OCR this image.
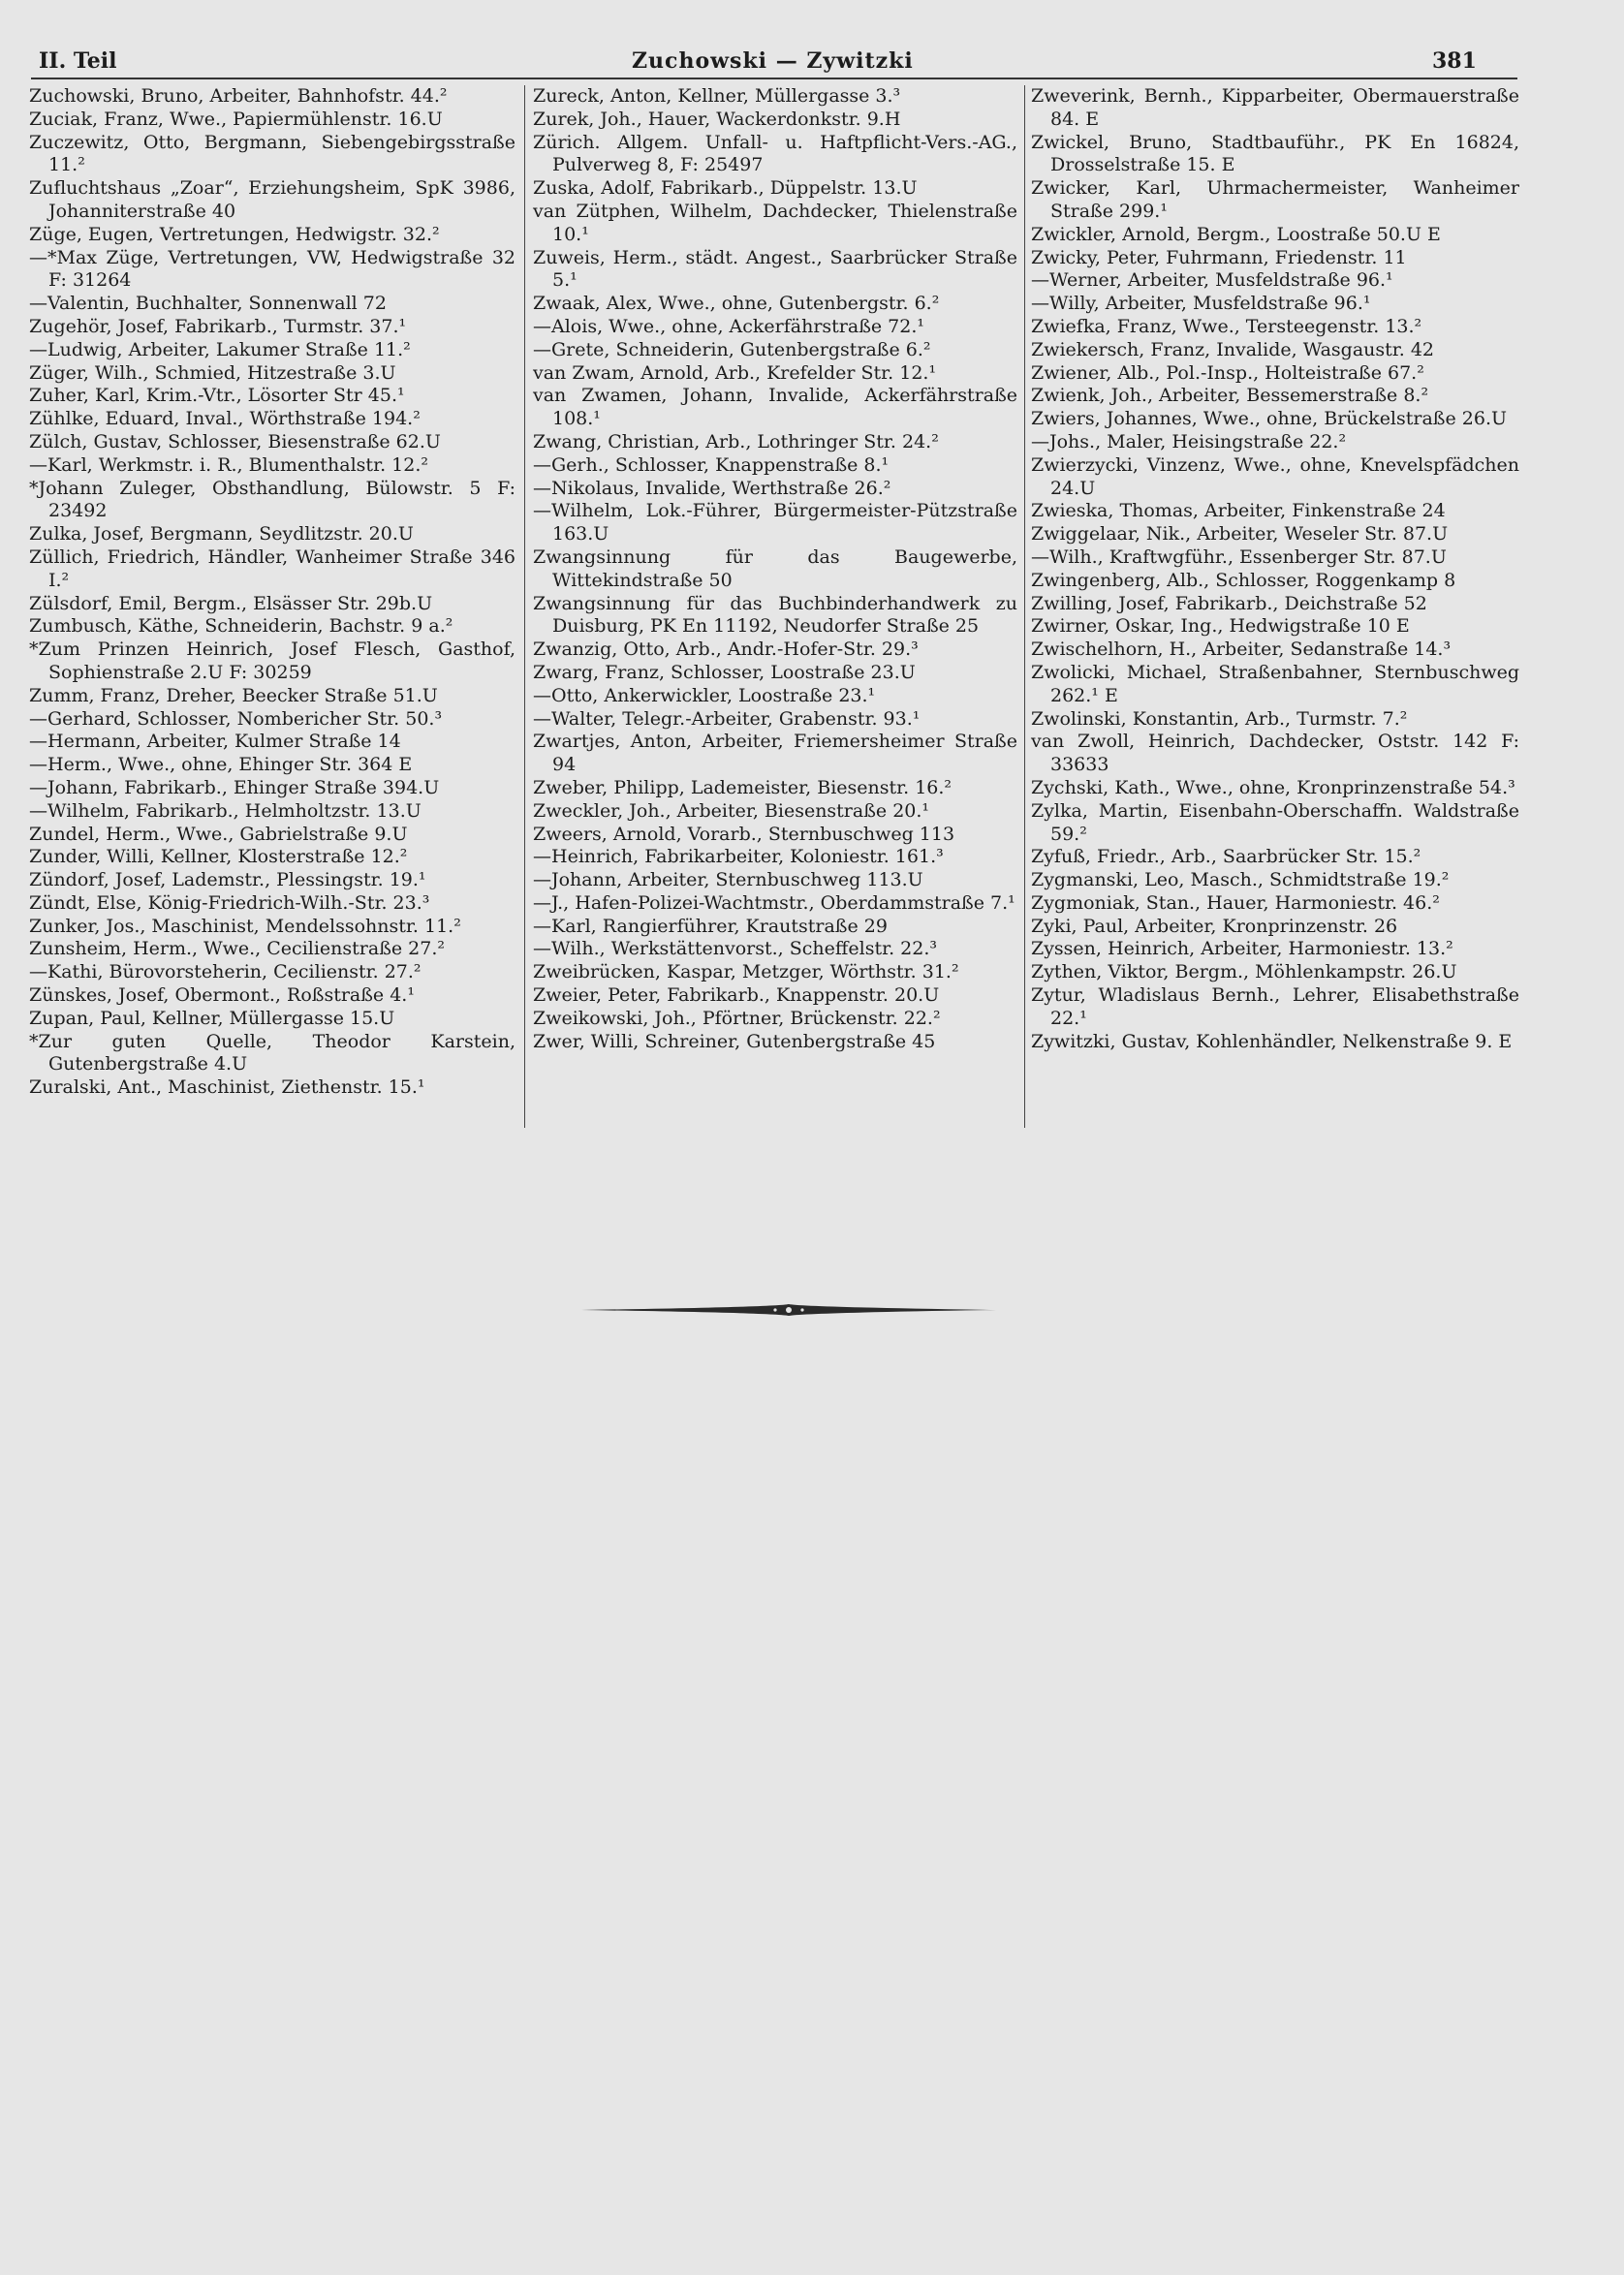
II. Teil	Zuchowski — Zywitzki	381
Zuchowski, Bruno, Arbeiter, Bahnhofstr. 44.²
Zuciak, Franz, Wwe., Papiermühlenstr. 16.U
Zuczewitz, Otto, Bergmann, Siebengebirgsstraße 11.²
Zufluchtshaus „Zoar“, Erziehungsheim, SpK 3986, Johanniterstraße 40
Züge, Eugen, Vertretungen, Hedwigstr. 32.²
—*Max Züge, Vertretungen, VW, Hedwigstraße 32 F: 31264
—Valentin, Buchhalter, Sonnenwall 72
Zugehör, Josef, Fabrikarb., Turmstr. 37.¹
—Ludwig, Arbeiter, Lakumer Straße 11.²
Züger, Wilh., Schmied, Hitzestraße 3.U
Zuher, Karl, Krim.-Vtr., Lösorter Str 45.¹
Zühlke, Eduard, Inval., Wörthstraße 194.²
Zülch, Gustav, Schlosser, Biesenstraße 62.U
—Karl, Werkmstr. i. R., Blumenthalstr. 12.²
*Johann Zuleger, Obsthandlung, Bülowstr. 5 F: 23492
Zulka, Josef, Bergmann, Seydlitzstr. 20.U
Züllich, Friedrich, Händler, Wanheimer Straße 346 I.²
Zülsdorf, Emil, Bergm., Elsässer Str. 29b.U
Zumbusch, Käthe, Schneiderin, Bachstr. 9 a.²
*Zum Prinzen Heinrich, Josef Flesch, Gasthof, Sophienstraße 2.U F: 30259
Zumm, Franz, Dreher, Beecker Straße 51.U
—Gerhard, Schlosser, Nombericher Str. 50.³
—Hermann, Arbeiter, Kulmer Straße 14
—Herm., Wwe., ohne, Ehinger Str. 364 E
—Johann, Fabrikarb., Ehinger Straße 394.U
—Wilhelm, Fabrikarb., Helmholtzstr. 13.U
Zundel, Herm., Wwe., Gabrielstraße 9.U
Zunder, Willi, Kellner, Klosterstraße 12.²
Zündorf, Josef, Lademstr., Plessingstr. 19.¹
Zündt, Else, König-Friedrich-Wilh.-Str. 23.³
Zunker, Jos., Maschinist, Mendelssohnstr. 11.²
Zunsheim, Herm., Wwe., Cecilienstraße 27.²
—Kathi, Bürovorsteherin, Cecilienstr. 27.²
Zünskes, Josef, Obermont., Roßstraße 4.¹
Zupan, Paul, Kellner, Müllergasse 15.U
*Zur guten Quelle, Theodor Karstein, Gutenbergstraße 4.U
Zuralski, Ant., Maschinist, Ziethenstr. 15.¹
Zureck, Anton, Kellner, Müllergasse 3.³
Zurek, Joh., Hauer, Wackerdonkstr. 9.H
Zürich. Allgem. Unfall- u. Haftpflicht-Vers.-AG., Pulverweg 8, F: 25497
Zuska, Adolf, Fabrikarb., Düppelstr. 13.U
van Zütphen, Wilhelm, Dachdecker, Thielenstraße 10.¹
Zuweis, Herm., städt. Angest., Saarbrücker Straße 5.¹
Zwaak, Alex, Wwe., ohne, Gutenbergstr. 6.²
—Alois, Wwe., ohne, Ackerfährstraße 72.¹
—Grete, Schneiderin, Gutenbergstraße 6.²
van Zwam, Arnold, Arb., Krefelder Str. 12.¹
van Zwamen, Johann, Invalide, Ackerfährstraße 108.¹
Zwang, Christian, Arb., Lothringer Str. 24.²
—Gerh., Schlosser, Knappenstraße 8.¹
—Nikolaus, Invalide, Werthstraße 26.²
—Wilhelm, Lok.-Führer, Bürgermeister-Pützstraße 163.U
Zwangsinnung für das Baugewerbe, Wittekindstraße 50
Zwangsinnung für das Buchbinderhandwerk zu Duisburg, PK En 11192, Neudorfer Straße 25
Zwanzig, Otto, Arb., Andr.-Hofer-Str. 29.³
Zwarg, Franz, Schlosser, Loostraße 23.U
—Otto, Ankerwickler, Loostraße 23.¹
—Walter, Telegr.-Arbeiter, Grabenstr. 93.¹
Zwartjes, Anton, Arbeiter, Friemersheimer Straße 94
Zweber, Philipp, Lademeister, Biesenstr. 16.²
Zweckler, Joh., Arbeiter, Biesenstraße 20.¹
Zweers, Arnold, Vorarb., Sternbuschweg 113
—Heinrich, Fabrikarbeiter, Koloniestr. 161.³
—Johann, Arbeiter, Sternbuschweg 113.U
—J., Hafen-Polizei-Wachtmstr., Oberdammstraße 7.¹
—Karl, Rangierführer, Krautstraße 29
—Wilh., Werkstättenvorst., Scheffelstr. 22.³
Zweibrücken, Kaspar, Metzger, Wörthstr. 31.²
Zweier, Peter, Fabrikarb., Knappenstr. 20.U
Zweikowski, Joh., Pförtner, Brückenstr. 22.²
Zwer, Willi, Schreiner, Gutenbergstraße 45
Zweverink, Bernh., Kipparbeiter, Obermauerstraße 84. E
Zwickel, Bruno, Stadtbauführ., PK En 16824, Drosselstraße 15. E
Zwicker, Karl, Uhrmachermeister, Wanheimer Straße 299.¹
Zwickler, Arnold, Bergm., Loostraße 50.U E
Zwicky, Peter, Fuhrmann, Friedenstr. 11
—Werner, Arbeiter, Musfeldstraße 96.¹
—Willy, Arbeiter, Musfeldstraße 96.¹
Zwiefka, Franz, Wwe., Tersteegenstr. 13.²
Zwiekersch, Franz, Invalide, Wasgaustr. 42
Zwiener, Alb., Pol.-Insp., Holteistraße 67.²
Zwienk, Joh., Arbeiter, Bessemerstraße 8.²
Zwiers, Johannes, Wwe., ohne, Brückelstraße 26.U
—Johs., Maler, Heisingstraße 22.²
Zwierzycki, Vinzenz, Wwe., ohne, Knevelspfädchen 24.U
Zwieska, Thomas, Arbeiter, Finkenstraße 24
Zwiggelaar, Nik., Arbeiter, Weseler Str. 87.U
—Wilh., Kraftwgführ., Essenberger Str. 87.U
Zwingenberg, Alb., Schlosser, Roggenkamp 8
Zwilling, Josef, Fabrikarb., Deichstraße 52
Zwirner, Oskar, Ing., Hedwigstraße 10 E
Zwischelhorn, H., Arbeiter, Sedanstraße 14.³
Zwolicki, Michael, Straßenbahner, Sternbuschweg 262.¹ E
Zwolinski, Konstantin, Arb., Turmstr. 7.²
van Zwoll, Heinrich, Dachdecker, Oststr. 142 F: 33633
Zychski, Kath., Wwe., ohne, Kronprinzenstraße 54.³
Zylka, Martin, Eisenbahn-Oberschaffn. Waldstraße 59.²
Zyfuß, Friedr., Arb., Saarbrücker Str. 15.²
Zygmanski, Leo, Masch., Schmidtstraße 19.²
Zygmoniak, Stan., Hauer, Harmoniestr. 46.²
Zyki, Paul, Arbeiter, Kronprinzenstr. 26
Zyssen, Heinrich, Arbeiter, Harmoniestr. 13.²
Zythen, Viktor, Bergm., Möhlenkampstr. 26.U
Zytur, Wladislaus Bernh., Lehrer, Elisabethstraße 22.¹
Zywitzki, Gustav, Kohlenhändler, Nelkenstraße 9. E
